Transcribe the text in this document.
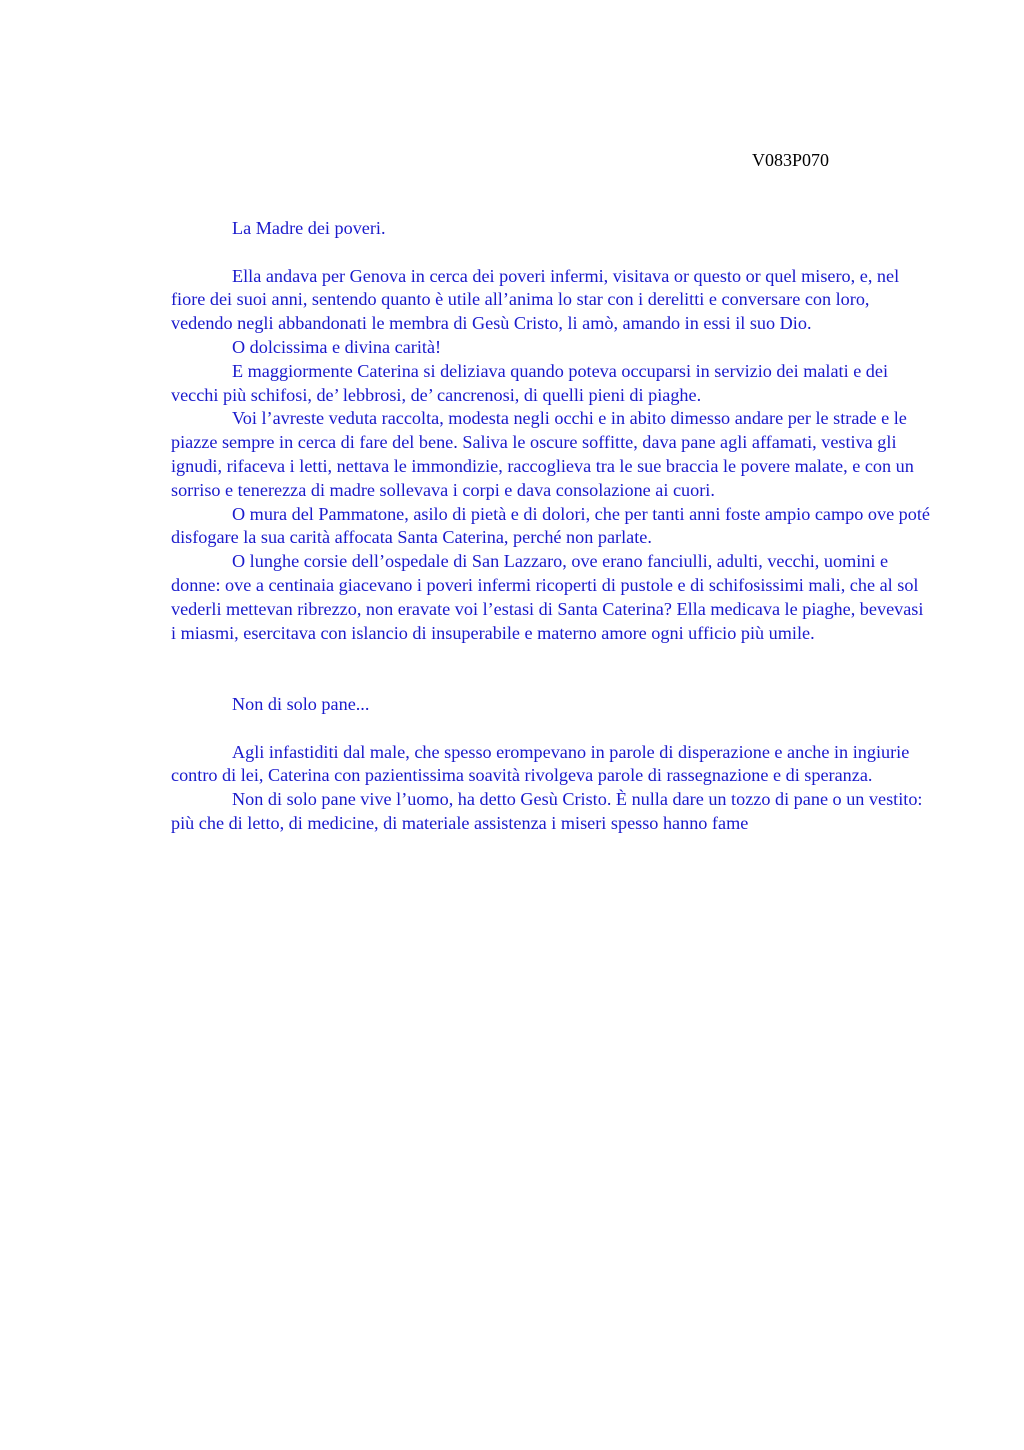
V083P070
La Madre dei poveri.

Ella andava per Genova in cerca dei poveri infermi, visitava or questo or quel misero, e, nel fiore dei suoi anni, sentendo quanto è utile all’anima lo star con i derelitti e conversare con loro, vedendo negli abbandonati le membra di Gesù Cristo, li amò, amando in essi il suo Dio.

O dolcissima e divina carità!

E maggiormente Caterina si deliziava quando poteva occuparsi in servizio dei malati e dei vecchi più schifosi, de’ lebbrosi, de’ cancrenosi, di quelli pieni di piaghe.

Voi l’avreste veduta raccolta, modesta negli occhi e in abito dimesso andare per le strade e le piazze sempre in cerca di fare del bene. Saliva le oscure soffitte, dava pane agli affamati, vestiva gli ignudi, rifaceva i letti, nettava le immondizie, raccoglieva tra le sue braccia le povere malate, e con un sorriso e tenerezza di madre sollevava i corpi e dava consolazione ai cuori.

O mura del Pammatone, asilo di pietà e di dolori, che per tanti anni foste ampio campo ove poté disfogare la sua carità affocata Santa Caterina, perché non parlate.

O lunghe corsie dell’ospedale di San Lazzaro, ove erano fanciulli, adulti, vecchi, uomini e donne: ove a centinaia giacevano i poveri infermi ricoperti di pustole e di schifosissimi mali, che al sol vederli mettevan ribrezzo, non eravate voi l’estasi di Santa Caterina? Ella medicava le piaghe, bevevasi i miasmi, esercitava con islancio di insuperabile e materno amore ogni ufficio più umile.

Non di solo pane...

Agli infastiditi dal male, che spesso erompevano in parole di disperazione e anche in ingiurie contro di lei, Caterina con pazientissima soavità rivolgeva parole di rassegnazione e di speranza.

Non di solo pane vive l’uomo, ha detto Gesù Cristo. È nulla dare un tozzo di pane o un vestito: più che di letto, di medicine, di materiale assistenza i miseri spesso hanno fame
